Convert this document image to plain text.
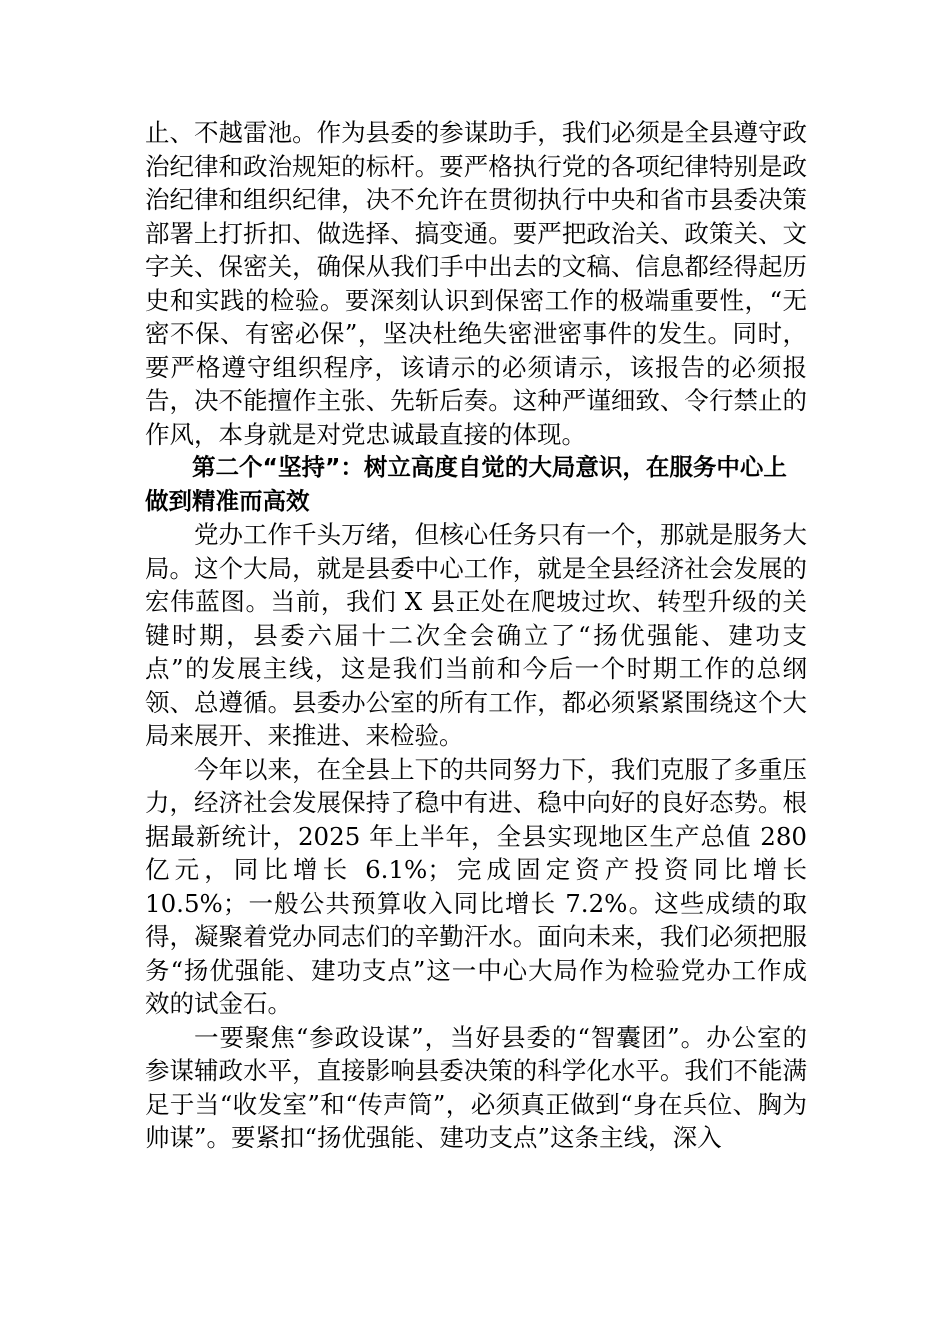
止、不越雷池。作为县委的参谋助手，我们必须是全县遵守政治纪律和政治规矩的标杆。要严格执行党的各项纪律特别是政治纪律和组织纪律，决不允许在贯彻执行中央和省市县委决策部署上打折扣、做选择、搞变通。要严把政治关、政策关、文字关、保密关，确保从我们手中出去的文稿、信息都经得起历史和实践的检验。要深刻认识到保密工作的极端重要性，“无密不保、有密必保”，坚决杜绝失密泄密事件的发生。同时，要严格遵守组织程序，该请示的必须请示，该报告的必须报告，决不能擅作主张、先斩后奏。这种严谨细致、令行禁止的作风，本身就是对党忠诚最直接的体现。

第二个“坚持”：树立高度自觉的大局意识，在服务中心上做到精准而高效

党办工作千头万绪，但核心任务只有一个，那就是服务大局。这个大局，就是县委中心工作，就是全县经济社会发展的宏伟蓝图。当前，我们 X 县正处在爬坡过坎、转型升级的关键时期，县委六届十二次全会确立了“扬优强能、建功支点”的发展主线，这是我们当前和今后一个时期工作的总纲领、总遵循。县委办公室的所有工作，都必须紧紧围绕这个大局来展开、来推进、来检验。

今年以来，在全县上下的共同努力下，我们克服了多重压力，经济社会发展保持了稳中有进、稳中向好的良好态势。根据最新统计，2025 年上半年，全县实现地区生产总值 280 亿元，同比增长 6.1%；完成固定资产投资同比增长 10.5%；一般公共预算收入同比增长 7.2%。这些成绩的取得，凝聚着党办同志们的辛勤汗水。面向未来，我们必须把服务“扬优强能、建功支点”这一中心大局作为检验党办工作成效的试金石。

一要聚焦“参政设谋”，当好县委的“智囊团”。办公室的参谋辅政水平，直接影响县委决策的科学化水平。我们不能满足于当“收发室”和“传声筒”，必须真正做到“身在兵位、胸为帅谋”。要紧扣“扬优强能、建功支点”这条主线，深入
